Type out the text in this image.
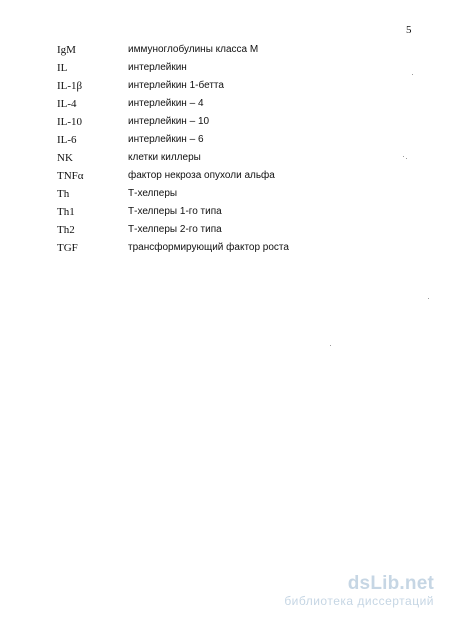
5
IgM	иммуноглобулины класса М
IL	интерлейкин
IL-1β	интерлейкин 1-бетта
IL-4	интерлейкин – 4
IL-10	интерлейкин – 10
IL-6	интерлейкин – 6
NK	клетки киллеры
TNFα	фактор некроза опухоли альфа
Th	Т-хелперы
Th1	Т-хелперы 1-го типа
Th2	Т-хелперы 2-го типа
TGF	трансформирующий фактор роста
dsLib.net
библиотека диссертаций
